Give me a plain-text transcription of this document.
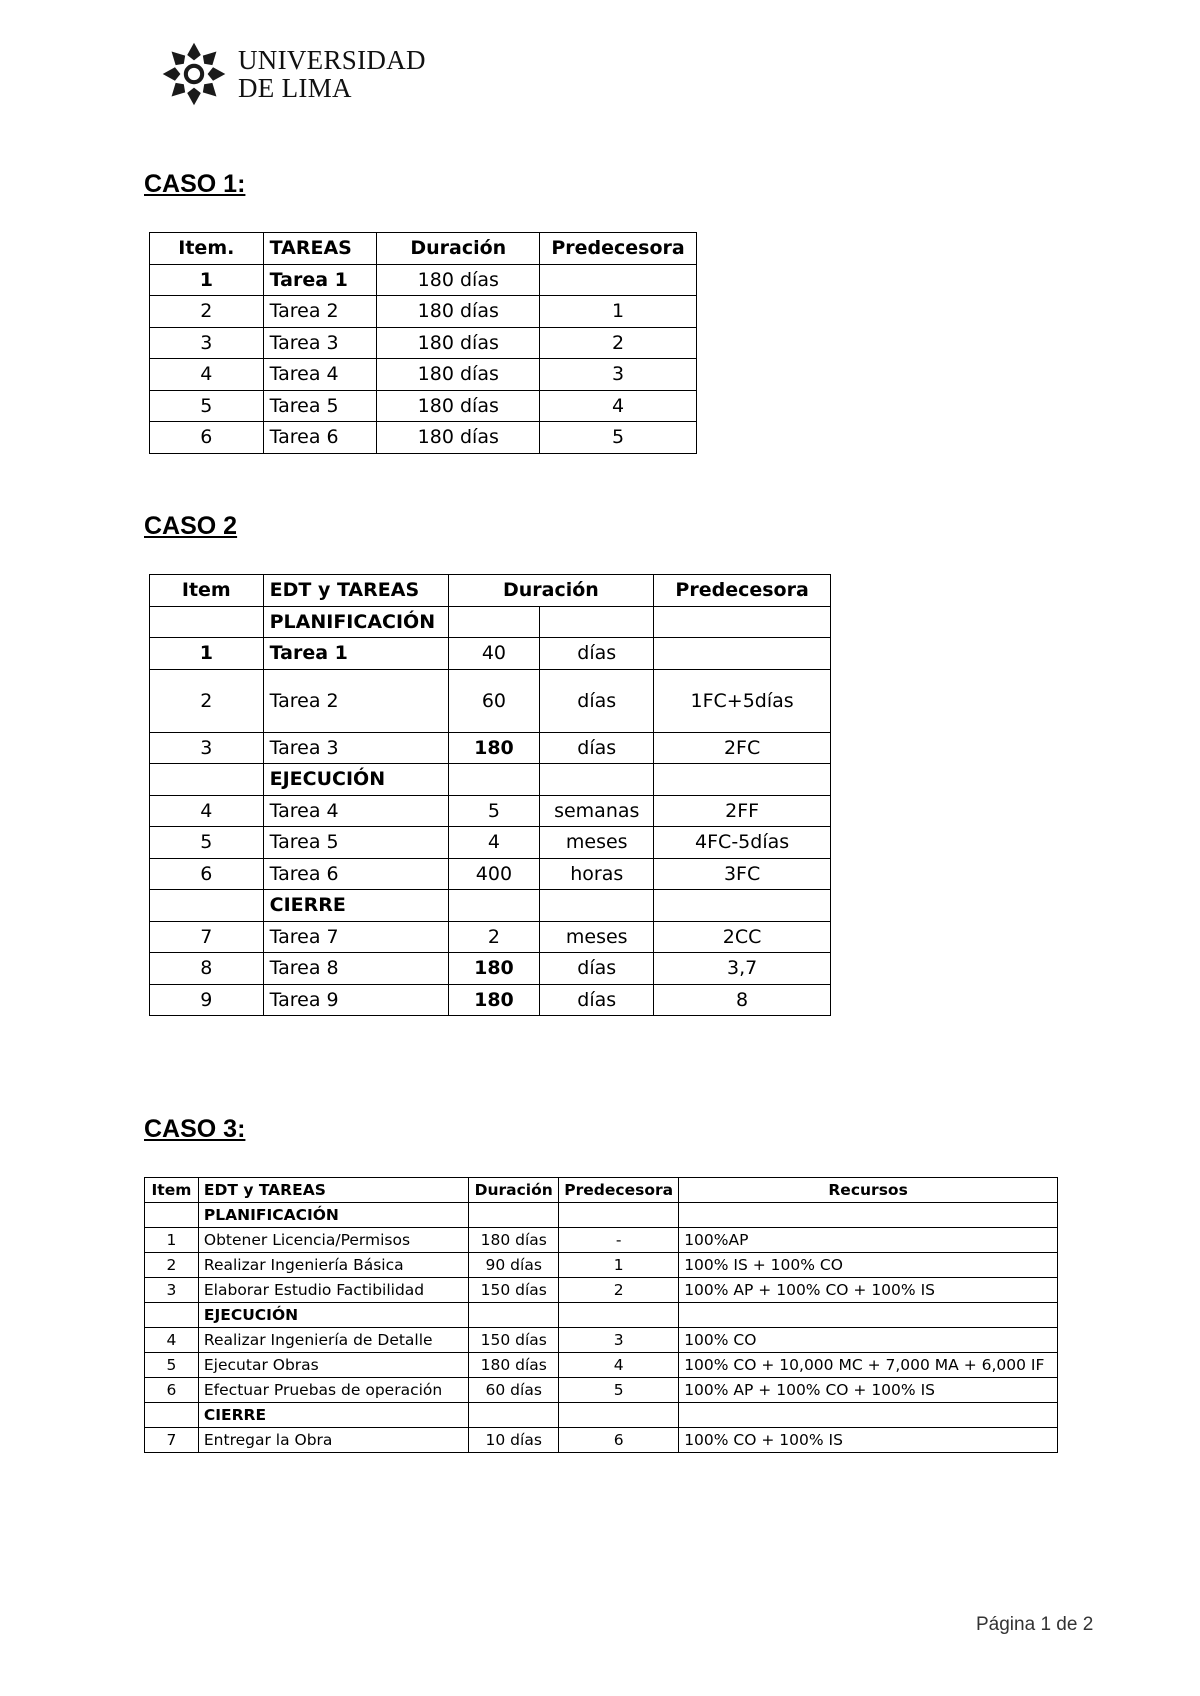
UNIVERSIDAD
DE LIMA
CASO 1:
Item.	TAREAS	Duración	Predecesora
1	Tarea 1	180 días	
2	Tarea 2	180 días	1
3	Tarea 3	180 días	2
4	Tarea 4	180 días	3
5	Tarea 5	180 días	4
6	Tarea 6	180 días	5
CASO 2
Item	EDT y TAREAS	Duración		Predecesora
	PLANIFICACIÓN			
1	Tarea 1	40	días	
2	Tarea 2	60	días	1FC+5días
3	Tarea 3	180	días	2FC
	EJECUCIÓN			
4	Tarea 4	5	semanas	2FF
5	Tarea 5	4	meses	4FC-5días
6	Tarea 6	400	horas	3FC
	CIERRE			
7	Tarea 7	2	meses	2CC
8	Tarea 8	180	días	3,7
9	Tarea 9	180	días	8
CASO 3:
Item	EDT y TAREAS	Duración	Predecesora	Recursos
	PLANIFICACIÓN			
1	Obtener Licencia/Permisos	180 días	-	100%AP
2	Realizar Ingeniería Básica	90 días	1	100% IS + 100% CO
3	Elaborar Estudio Factibilidad	150 días	2	100% AP + 100% CO + 100% IS
	EJECUCIÓN			
4	Realizar Ingeniería de Detalle	150 días	3	100% CO
5	Ejecutar Obras	180 días	4	100% CO + 10,000 MC + 7,000 MA + 6,000 IF
6	Efectuar Pruebas de operación	60 días	5	100% AP + 100% CO + 100% IS
	CIERRE			
7	Entregar la Obra	10 días	6	100% CO + 100% IS
Página 1 de 2
